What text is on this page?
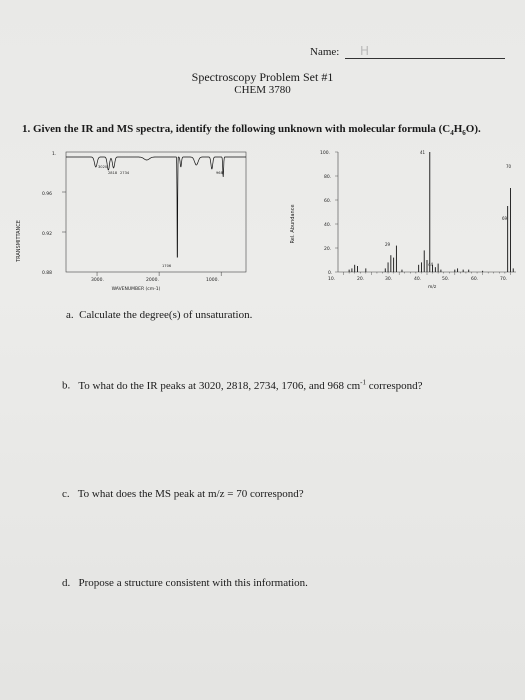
Name: H
Spectroscopy Problem Set #1
CHEM 3780
1. Given the IR and MS spectra, identify the following unknown with molecular formula $(C_4H_6O)$.
TRANSMITTANCE
1.
0.96
0.92
0.88
3020
2818 2734	968
1706
3000.	2000.	1000.
WAVENUMBER (cm-1)
Rel. Abundance
100.
80.
60.
40.
20.
0.
41
70
69
29
44
10.	20.	30.	40.	50.	60.	70.
m/z
a. Calculate the degree(s) of unsaturation.
b. To what do the IR peaks at 3020, 2818, 2734, 1706, and 968 $cm^{-1}$ correspond?
c. To what does the MS peak at m/z = 70 correspond?
d. Propose a structure consistent with this information.
